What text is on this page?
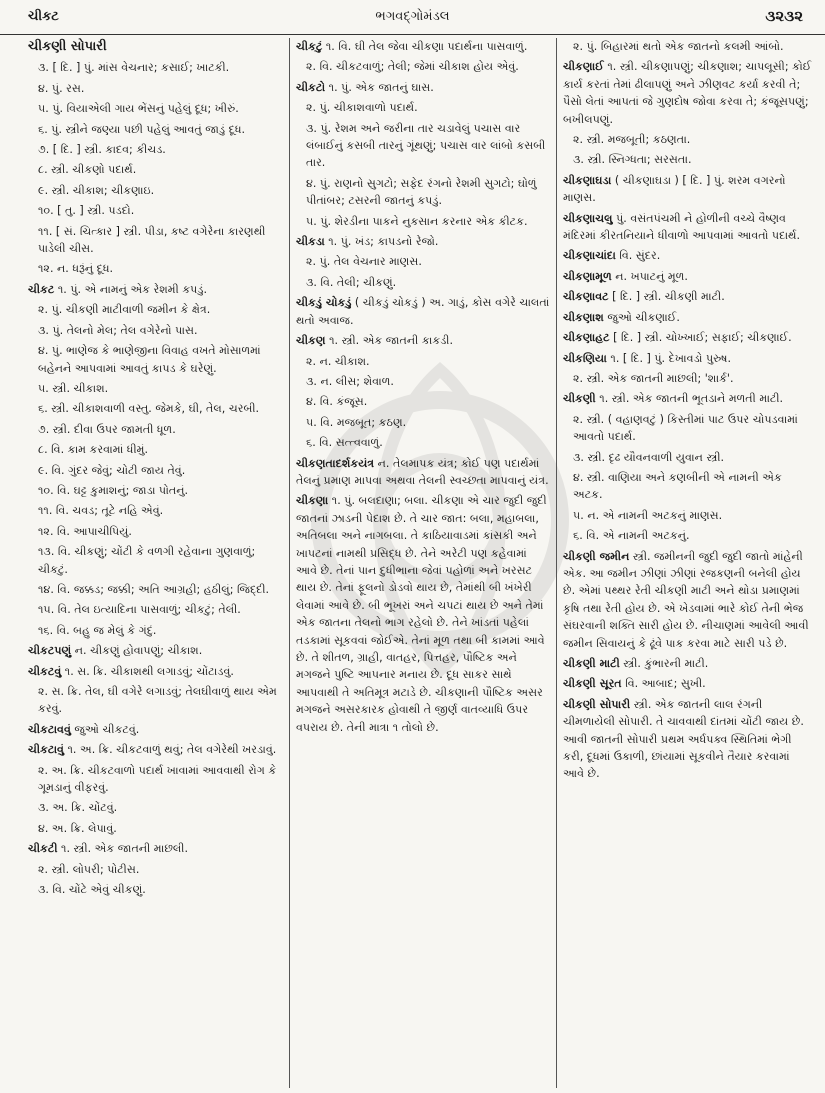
ચીકટ	ભગવદ્ગોમંડલ	૩૨૩૨

ચીકણી સોપારી

૩. [ દિ. ] પું. માંસ વેચનાર; કસાઈ; ખાટકી.

૪. પું. રસ.

૫. પું. વિયાએલી ગાય ભેંસનું પહેલું દૂધ; ખીરું.

૬. પું. સ્ત્રીને જણ્યા પછી પહેલું આવતું જાડું દૂધ.

૭. [ દિ. ] સ્ત્રી. કાદવ; કીચડ.

૮. સ્ત્રી. ચીકણો પદાર્થ.

૯. સ્ત્રી. ચીકાશ; ચીકણાઇ.

૧૦. [ તુ. ] સ્ત્રી. પડદો.

૧૧. [ સં. ચિત્કાર ] સ્ત્રી. પીડા, કષ્ટ વગેરેના કારણથી પાડેલી ચીસ.

૧૨. ન. ધરૂંનું દૂધ.

ચીકટ ૧. પું. એ નામનું એક રેશમી કપડું.

૨. પું. ચીકણી માટીવાળી જમીન કે ક્ષેત્ર.

૩. પું. તેલનો મેલ; તેલ વગેરેનો પાસ.

૪. પું. ભાણેજ કે ભાણેજીના વિવાહ વખતે મોસાળમાં બહેનને આપવામાં આવતું કાપડ કે ઘરેણું.

૫. સ્ત્રી. ચીકાશ.

૬. સ્ત્રી. ચીકાશવાળી વસ્તુ. જેમકે, ઘી, તેલ, ચરબી.

૭. સ્ત્રી. દીવા ઉપર જામતી ધૂળ.

૮. વિ. કામ કરવામાં ધીમું.

૯. વિ. ગુંદર જેવું; ચોટી જાય તેવું.

૧૦. વિ. ઘટ્ટ કુમાશનું; જાડા પોતનું.

૧૧. વિ. ચવડ; તૂટે નહિ એવું.

૧૨. વિ. આપાચીપિયું.

૧૩. વિ. ચીકણું; ચોંટી કે વળગી રહેવાના ગુણવાળું; ચીકટું.

૧૪. વિ. જક્કડ; જક્કી; અતિ આગ્રહી; હઠીલું; જિદ્દી.

૧૫. વિ. તેલ ઇત્યાદિના પાસવાળું; ચીકટું; તેલી.

૧૬. વિ. બહુ જ મેલું કે ગંદું.

ચીકટપણું ન. ચીકણું હોવાપણું; ચીકાશ.

ચીકટવું ૧. સ. ક્રિ. ચીકાશથી લગાડવું; ચોંટાડવું.

૨. સ. ક્રિ. તેલ, ઘી વગેરે લગાડવું; તેલઘીવાળું થાય એમ કરવું.

ચીકટાવવું જુઓ ચીકટવું.

ચીકટાવું ૧. અ. ક્રિ. ચીકટવાળું થવું; તેલ વગેરેથી ખરડાવું.

૨. અ. ક્રિ. ચીકટવાળો પદાર્થ ખાવામાં આવવાથી રોગ કે ગૂમડાનું વીફરવું.

૩. અ. ક્રિ. ચોંટવું.

૪. અ. ક્રિ. લેપાવું.

ચીકટી ૧. સ્ત્રી. એક જાતની માછલી.

૨. સ્ત્રી. લોપરી; પોટીસ.

૩. વિ. ચોંટે એવું ચીકણું.

ચીકટું ૧. વિ. ઘી તેલ જેવા ચીકણા પદાર્થના પાસવાળું.

૨. વિ. ચીકટવાળું; તેલી; જેમાં ચીકાશ હોય એવું.

ચીકટો ૧. પું. એક જાતનું ઘાસ.

૨. પું. ચીકાશવાળો પદાર્થ.

૩. પું. રેશમ અને જરીના તાર ચડાવેલું પચાસ વાર લંબાઈનું કસબી તારનું ગૂંથણું; પચાસ વાર લાંબો કસબી તાર.

૪. પું. રાણનો સુગટો; સફેદ રંગનો રેશમી સુગટો; ઘોળું પીતાંબર; ટસરની જાતનું કપડું.

૫. પું. શેરડીના પાકને નુકસાન કરનાર એક કીટક.

ચીકડા ૧. પું. ખંડ; કાપડનો રેજો.

૨. પું. તેલ વેચનાર માણસ.

૩. વિ. તેલી; ચીકણું.

ચીકડું ચોકડું ( ચીકડું ચોકડું ) અ. ગાડું, કોસ વગેરે ચાલતાં થતો અવાજ.

ચીકણ ૧. સ્ત્રી. એક જાતની કાકડી.

૨. ન. ચીકાશ.

૩. ન. લીસ; શેવાળ.

૪. વિ. કંજૂસ.

૫. વિ. મજબૂત; કઠણ.

૬. વિ. સત્ત્વવાળું.

ચીકણતાદર્શકયંત્ર ન. તેલમાપક યંત્ર; કોઈ પણ પદાર્થમાં તેલનું પ્રમાણ માપવા અથવા તેલની સ્વચ્છતા માપવાનું યંત્ર.

ચીકણા ૧. પું. બલદાણા; બલા. ચીકણા એ ચાર જુદી જુદી જાતનાં ઝાડની પેદાશ છે. તે ચાર જાત: બલા, મહાબલા, અતિબલા અને નાગબલા. તે કાઠિયાવાડમાં કાંસકી અને ખાપટનાં નામથી પ્રસિદ્ધ છે. તેને અરેટી પણ કહેવામાં આવે છે. તેનાં પાન દુધીભાના જેવાં પહોળાં અને ખરસટ થાય છે. તેનાં ફૂલનો ડોડવો થાય છે, તેમાંથી બી ખંખેરી લેવામાં આવે છે. બી ભૂખરાં અને ચપટાં થાય છે અને તેમાં એક જાતના તેલનો ભાગ રહેલો છે. તેને ખાંડતાં પહેલાં તડકામાં સૂકવવાં જોઈએ. તેનાં મૂળ તથા બી કામમાં આવે છે. તે શીતળ, ગ્રાહી, વાતહર, પિત્તહર, પૌષ્ટિક અને મગજને પુષ્ટિ આપનાર મનાય છે. દૂધ સાકર સાથે આપવાથી તે અતિમૂત્ર મટાડે છે. ચીકણાની પૌષ્ટિક અસર મગજને અસરકારક હોવાથી તે જીર્ણ વાતવ્યાધિ ઉપર વપરાય છે. તેની માત્રા ૧ તોલો છે.

૨. પું. બિહારમાં થતો એક જાતનો કલમી આંબો.

ચીકણાઈ ૧. સ્ત્રી. ચીકણાપણું; ચીકણાશ; ચાપલૂસી; કોઈ કાર્ય કરતાં તેમાં ઢીલાપણું અને ઝીણવટ કર્યા કરવી તે; પૈસો લેતાં આપતાં જે ગુણદોષ જોવા કરવા તે; કંજૂસપણું; બખીલપણું.

૨. સ્ત્રી. મજબૂતી; કઠણતા.

૩. સ્ત્રી. સ્નિગ્ધતા; સરસતા.

ચીકણાઘડા ( ચીકણાઘડા ) [ દિ. ] પું. શરમ વગરનો માણસ.

ચીકણાચલુ પું. વસંતપંચમી ને હોળીની વચ્ચે વૈષ્ણવ મંદિરમાં કીરતનિયાને ધીવાળો આપવામાં આવતો પદાર્થ.

ચીકણાચાંદા વિ. સુંદર.

ચીકણામૂળ ન. ખપાટનું મૂળ.

ચીકણાવટ [ દિ. ] સ્ત્રી. ચીકણી માટી.

ચીકણાશ જુઓ ચીકણાઈ.

ચીકણાહટ [ દિ. ] સ્ત્રી. ચોખ્ખાઈ; સફાઈ; ચીકણાઈ.

ચીકણિયા ૧. [ દિ. ] પું. દેખાવડો પુરુષ.

૨. સ્ત્રી. એક જાતની માછલી; 'શાર્ક'.

ચીકણી ૧. સ્ત્રી. એક જાતની ભૂતડાને મળતી માટી.

૨. સ્ત્રી. ( વહાણવટું ) કિસ્તીમાં પાટ ઉપર ચોપડવામાં આવતો પદાર્થ.

૩. સ્ત્રી. દૃઢ યૌવનવાળી યુવાન સ્ત્રી.

૪. સ્ત્રી. વાણિયા અને કણબીની એ નામની એક અટક.

૫. ન. એ નામની અટકનું માણસ.

૬. વિ. એ નામની અટકનું.

ચીકણી જમીન સ્ત્રી. જમીનની જુદી જુદી જાતો માંહેની એક. આ જમીન ઝીણાં ઝીણાં રજકણની બનેલી હોય છે. એમાં પથ્થર રેતી ચીકણી માટી અને થોડા પ્રમાણમાં કૃષિ તથા રેતી હોય છે. એ ખેડવામાં ભારે કોઈ તેની ભેજ સંઘરવાની શક્તિ સારી હોય છે. નીચાણમાં આવેલી આવી જમીન સિવાયનું કે ઢૂંવે પાક કરવા માટે સારી પડે છે.

ચીકણી માટી સ્ત્રી. કુંભારની માટી.

ચીકણી સૂરત વિ. આબાદ; સુખી.

ચીકણી સોપારી સ્ત્રી. એક જાતની લાલ રંગની ચીમળાયેલી સોપારી. તે ચાવવાથી દાંતમાં ચોંટી જાય છે. આવી જાતની સોપારી પ્રથમ અર્ધપક્વ સ્થિતિમાં ભેગી કરી, દૂધમાં ઉકાળી, છાંયામાં સૂકવીને તૈયાર કરવામાં આવે છે.
